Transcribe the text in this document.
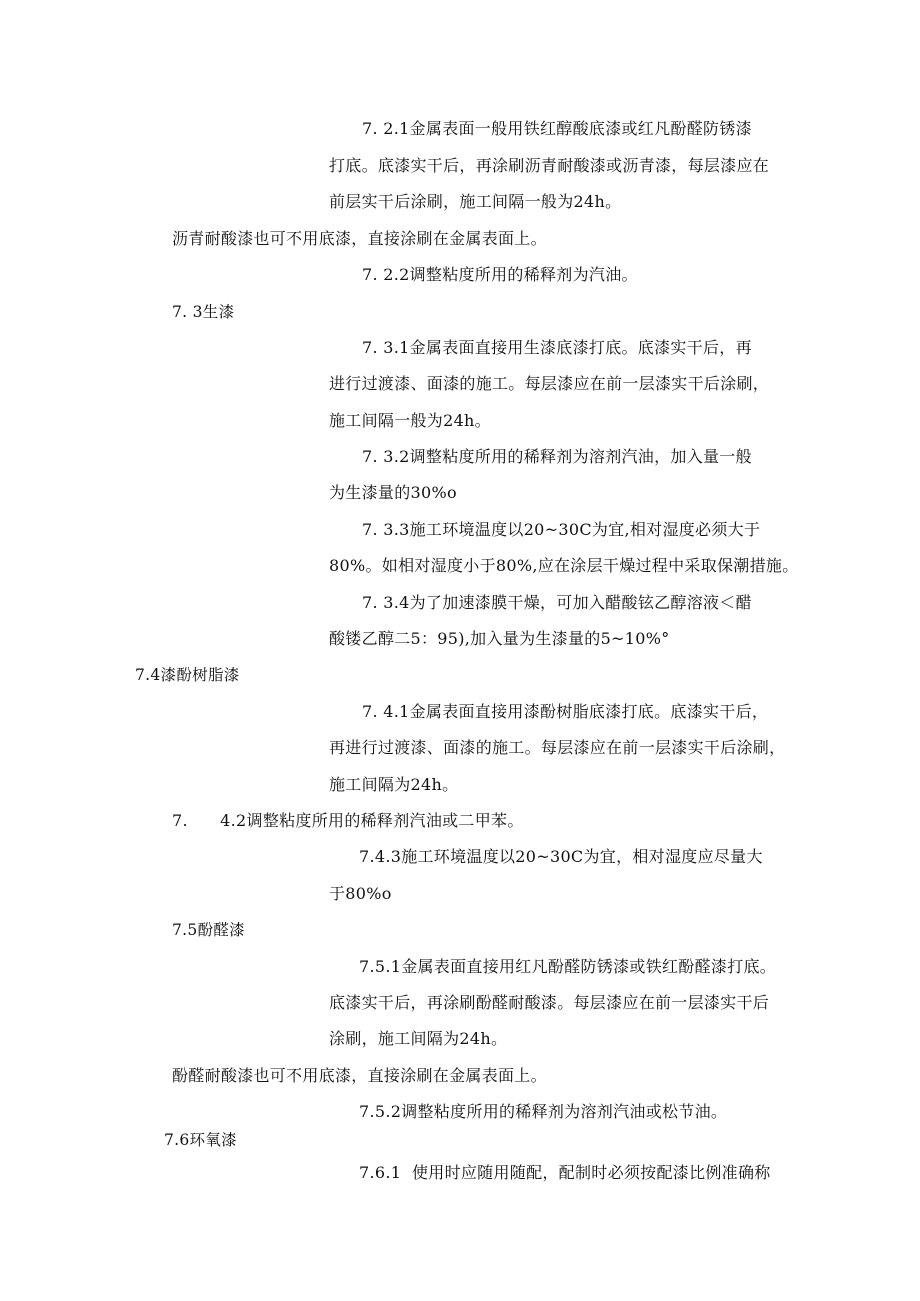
7. 2.1金属表面一般用铁红醇酸底漆或红凡酚醛防锈漆
打底。底漆实干后，再涂刷沥青耐酸漆或沥青漆，每层漆应在
前层实干后涂刷，施工间隔一般为24h。
沥青耐酸漆也可不用底漆，直接涂刷在金属表面上。
7. 2.2调整粘度所用的稀释剂为汽油。
7. 3生漆
7. 3.1金属表面直接用生漆底漆打底。底漆实干后，再
进行过渡漆、面漆的施工。每层漆应在前一层漆实干后涂刷，
施工间隔一般为24h。
7. 3.2调整粘度所用的稀释剂为溶剂汽油，加入量一般
为生漆量的30%o
7. 3.3施工环境温度以20~30C为宜,相对湿度必须大于
80%。如相对湿度小于80%,应在涂层干燥过程中采取保潮措施。
7. 3.4为了加速漆膜干燥，可加入醋酸铉乙醇溶液＜醋
酸镂乙醇二5：95),加入量为生漆量的5~10%°
7.4漆酚树脂漆
7. 4.1金属表面直接用漆酚树脂底漆打底。底漆实干后，
再进行过渡漆、面漆的施工。每层漆应在前一层漆实干后涂刷，
施工间隔为24h。
7.      4.2调整粘度所用的稀释剂汽油或二甲苯。
7.4.3施工环境温度以20~30C为宜，相对湿度应尽量大
于80%o
7.5酚醛漆
7.5.1金属表面直接用红凡酚醛防锈漆或铁红酚醛漆打底。
底漆实干后，再涂刷酚醛耐酸漆。每层漆应在前一层漆实干后
涂刷，施工间隔为24h。
酚醛耐酸漆也可不用底漆，直接涂刷在金属表面上。
7.5.2调整粘度所用的稀释剂为溶剂汽油或松节油。
7.6环氧漆
7.6.1  使用时应随用随配，配制时必须按配漆比例准确称
